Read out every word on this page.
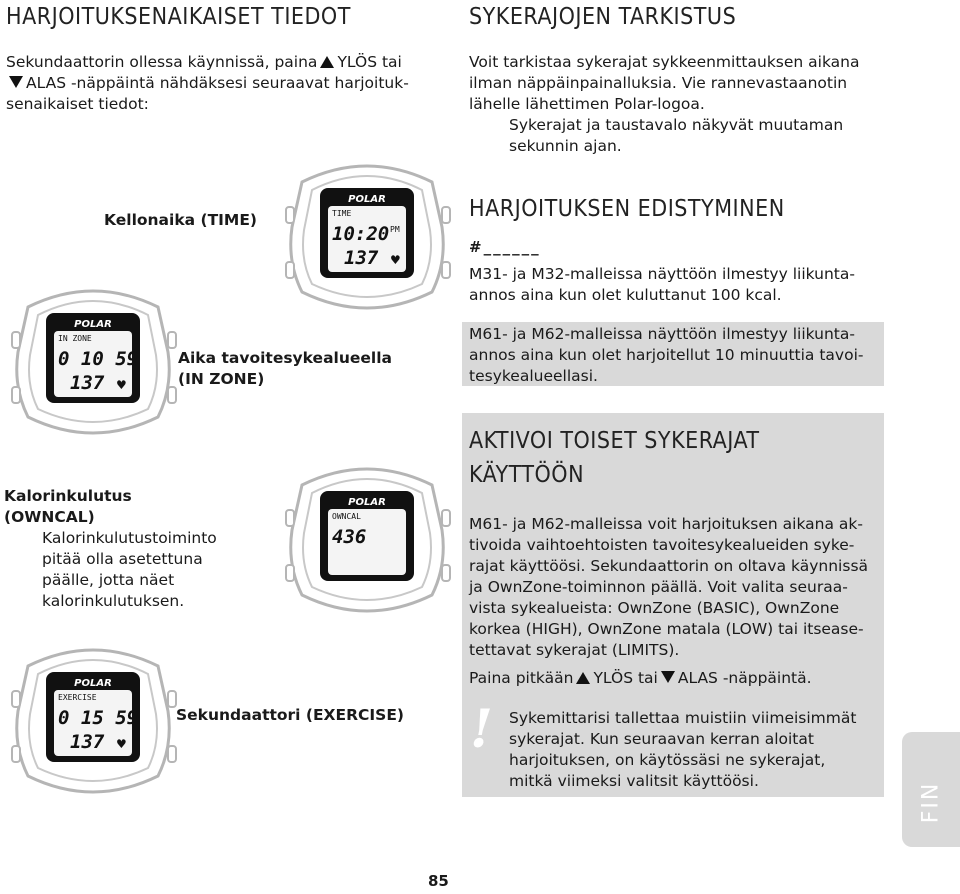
HARJOITUKSENAIKAISET TIEDOT
Sekundaattorin ollessa käynnissä, paina YLÖS tai
ALAS -näppäintä nähdäksesi seuraavat harjoituk-
senaikaiset tiedot:
POLAR
TIME
10:20 PM
137 ♥
POLAR
IN ZONE
0 10 59
137 ♥
POLAR
OWNCAL
436
POLAR
EXERCISE
0 15 59
137 ♥
Kellonaika (TIME)
Aika tavoitesykealueella
(IN ZONE)
Kalorinkulutus
(OWNCAL)
Kalorinkulutustoiminto
pitää olla asetettuna
päälle, jotta näet
kalorinkulutuksen.
Sekundaattori (EXERCISE)
85
SYKERAJOJEN TARKISTUS
Voit tarkistaa sykerajat sykkeenmittauksen aikana
ilman näppäinpainalluksia. Vie rannevastaanotin
lähelle lähettimen Polar-logoa.
Sykerajat ja taustavalo näkyvät muutaman
sekunnin ajan.
HARJOITUKSEN EDISTYMINEN
#______
M31- ja M32-malleissa näyttöön ilmestyy liikunta-
annos aina kun olet kuluttanut 100 kcal.
M61- ja M62-malleissa näyttöön ilmestyy liikunta-
annos aina kun olet harjoitellut 10 minuuttia tavoi-
tesykealueellasi.
AKTIVOI TOISET SYKERAJAT
KÄYTTÖÖN
M61- ja M62-malleissa voit harjoituksen aikana ak-
tivoida vaihtoehtoisten tavoitesykealueiden syke-
rajat käyttöösi. Sekundaattorin on oltava käynnissä
ja OwnZone-toiminnon päällä. Voit valita seuraa-
vista sykealueista: OwnZone (BASIC), OwnZone
korkea (HIGH), OwnZone matala (LOW) tai itsease-
tettavat sykerajat (LIMITS).
Paina pitkään YLÖS tai ALAS -näppäintä.
! Sykemittarisi tallettaa muistiin viimeisimmät
sykerajat. Kun seuraavan kerran aloitat
harjoituksen, on käytössäsi ne sykerajat,
mitkä viimeksi valitsit käyttöösi.
FIN
